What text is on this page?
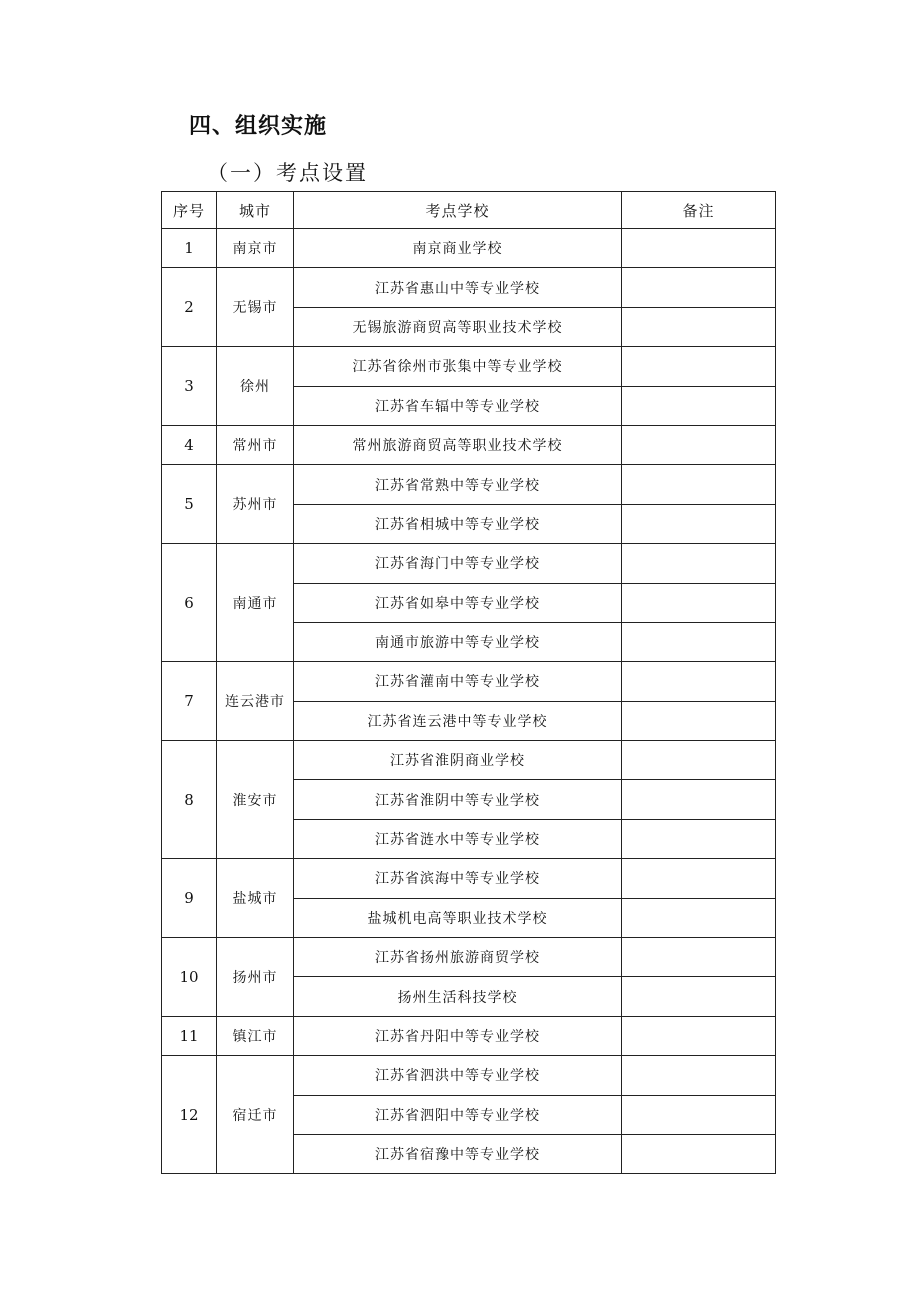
四、组织实施
（一）考点设置
序号	城市	考点学校	备注
1	南京市	南京商业学校	
2	无锡市	江苏省惠山中等专业学校	
		无锡旅游商贸高等职业技术学校	
3	徐州	江苏省徐州市张集中等专业学校	
		江苏省车辐中等专业学校	
4	常州市	常州旅游商贸高等职业技术学校	
5	苏州市	江苏省常熟中等专业学校	
		江苏省相城中等专业学校	
6	南通市	江苏省海门中等专业学校	
		江苏省如皋中等专业学校	
		南通市旅游中等专业学校	
7	连云港市	江苏省灌南中等专业学校	
		江苏省连云港中等专业学校	
8	淮安市	江苏省淮阴商业学校	
		江苏省淮阴中等专业学校	
		江苏省涟水中等专业学校	
9	盐城市	江苏省滨海中等专业学校	
		盐城机电高等职业技术学校	
10	扬州市	江苏省扬州旅游商贸学校	
		扬州生活科技学校	
11	镇江市	江苏省丹阳中等专业学校	
12	宿迁市	江苏省泗洪中等专业学校	
		江苏省泗阳中等专业学校	
		江苏省宿豫中等专业学校	
